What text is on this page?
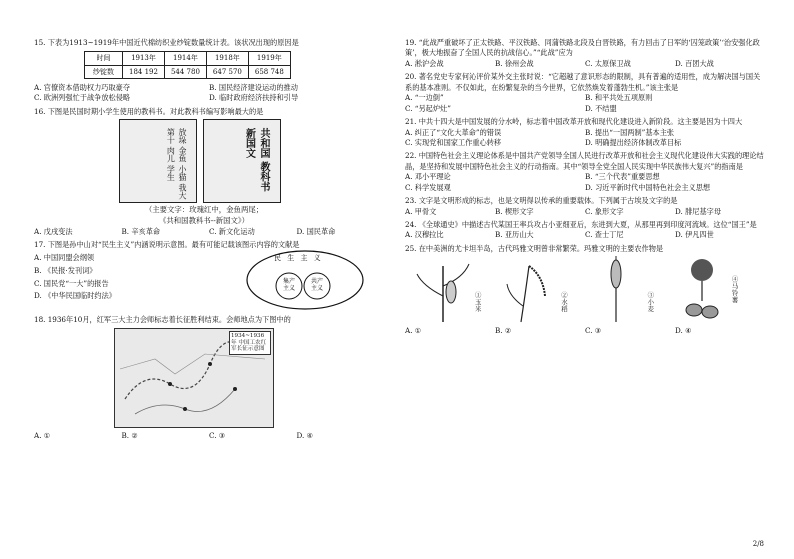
15. 下表为1913~1919年中国近代棉纺织业纱锭数量统计表。该状况出现的原因是
时间	1913年	1914年	1918年	1919年
纱锭数	184 192	544 780	647 570	658 748
A. 官僚资本借助权力巧取豪夺	B. 国民经济建设运动的推动
C. 欧洲列强忙于战争放松侵略	D. 临时政府经济扶持和引导
16. 下图是民国时期小学生使用的教科书。对此教科书编写影响最大的是
放垛 金鱼 小猫 我大 第十 肉儿 学生	共和国 教科书 新国文
（主要文字：玫瑰红中，金鱼两尾；
《共和国教科书--新国文》）
A. 戊戌变法	B. 辛亥革命	C. 新文化运动	D. 国民革命
17. 下图是孙中山对“民生主义”内涵说明示意图。最有可能记载该图示内容的文献是
A. 中国同盟会纲领
B. 《民报·发刊词》
C. 国民党“一大”的报告
D. 《中华民国临时约法》
民 生 主 义
集产主义
共产主义
18. 1936年10月，红军三大主力会师标志着长征胜利结束。会师地点为下图中的
1934~1936年 中国工农红军长征示意图
A. ①	B. ②	C. ③	D. ④
19. “此战严重破坏了正太铁路、平汉铁路、同蒲铁路北段及白晋铁路，有力回击了日军的‘囚笼政策’‘治安强化政策’，极大地振奋了全国人民的抗战信心。”“此战”应为
A. 淞沪会战	B. 徐州会战	C. 太原保卫战	D. 百团大战
20. 著名党史专家何沁评价某外交主张时说：“它超越了意识形态的限制，具有普遍的适用性，成为解决国与国关系的基本准则。不仅如此，在纷繁复杂的当今世界，它依然焕发着蓬勃生机。”该主张是
A. “一边倒”	B. 和平共处五项原则
C. “另起炉灶”	D. 不结盟
21. 中共十四大是中国发展的分水岭，标志着中国改革开放和现代化建设进入新阶段。这主要是因为十四大
A. 纠正了“文化大革命”的错误	B. 提出“一国两制”基本主张
C. 实现党和国家工作重心转移	D. 明确提出经济体制改革目标
22. 中国特色社会主义理论体系是中国共产党领导全国人民进行改革开放和社会主义现代化建设伟大实践的理论结晶，是坚持和发展中国特色社会主义的行动指南。其中“领导全党全国人民实现中华民族伟大复兴”的指南是
A. 邓小平理论	B. “三个代表”重要思想
C. 科学发展观	D. 习近平新时代中国特色社会主义思想
23. 文字是文明形成的标志，也是文明得以传承的重要载体。下列属于古埃及文字的是
A. 甲骨文	B. 楔形文字	C. 象形文字	D. 腓尼基字母
24. 《全球通史》中描述古代某国王率兵攻占小亚细亚后，东进到大夏，从那里再到印度河流域。这位“国王”是
A. 汉穆拉比	B. 亚历山大	C. 查士丁尼	D. 伊凡四世
25. 在中美洲的尤卡坦半岛，古代玛雅文明曾非常繁荣。玛雅文明的主要农作物是
①玉米

②水稻

③小麦

④马铃薯
A. ①	B. ②	C. ③	D. ④
2/8
